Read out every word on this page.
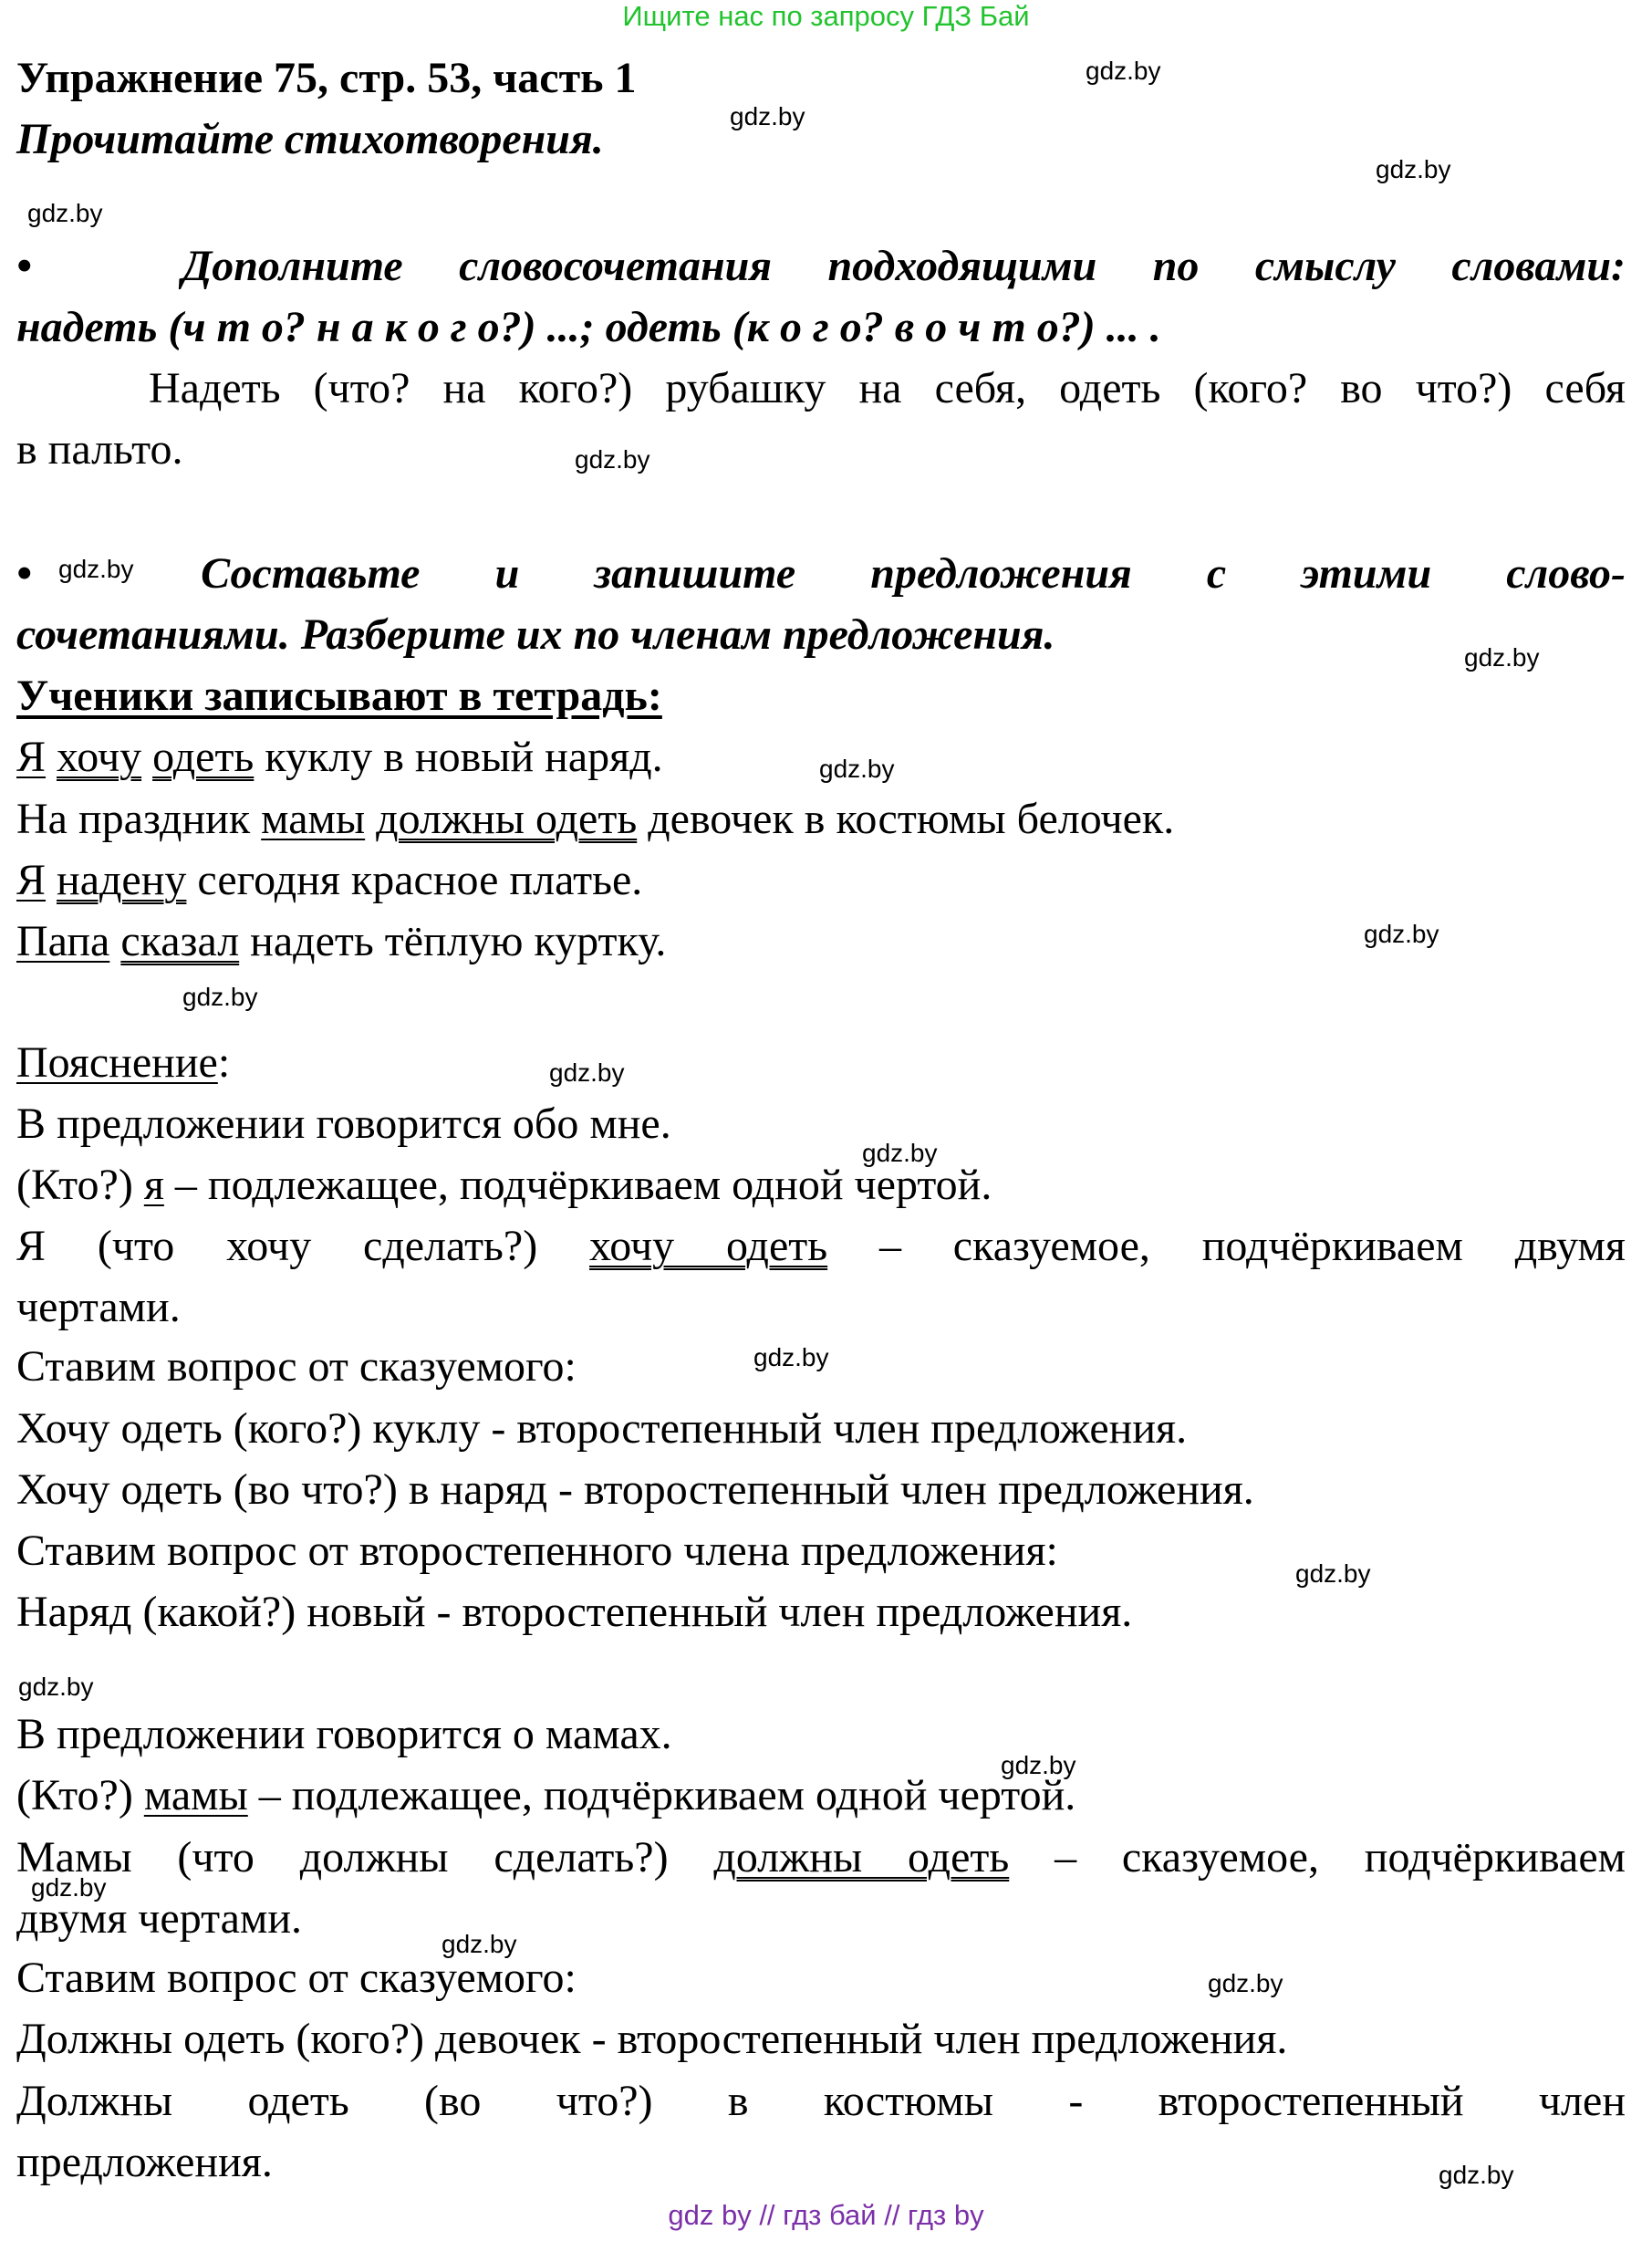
Ищите нас по запросу ГДЗ Бай
Упражнение 75, стр. 53, часть 1
Прочитайте стихотворения.
•	Дополните словосочетания подходящими по смыслу словами:
надеть (ч т о? н а к о г о?) ...; одеть (к о г о? в о ч т о?) ... .
Надеть (что? на кого?) рубашку на себя, одеть (кого? во что?) себя
в пальто.
•	Составьте и запишите предложения с этими слово-
сочетаниями. Разберите их по членам предложения.
Ученики записывают в тетрадь:
Я хочу одеть куклу в новый наряд.
На праздник мамы должны одеть девочек в костюмы белочек.
Я надену сегодня красное платье.
Папа сказал надеть тёплую куртку.
Пояснение:
В предложении говорится обо мне.
(Кто?) я – подлежащее, подчёркиваем одной чертой.
Я (что хочу сделать?) хочу одеть – сказуемое, подчёркиваем двумя
чертами.
Ставим вопрос от сказуемого:
Хочу одеть (кого?) куклу - второстепенный член предложения.
Хочу одеть (во что?) в наряд - второстепенный член предложения.
Ставим вопрос от второстепенного члена предложения:
Наряд (какой?) новый - второстепенный член предложения.
В предложении говорится о мамах.
(Кто?) мамы – подлежащее, подчёркиваем одной чертой.
Мамы (что должны сделать?) должны одеть – сказуемое, подчёркиваем
двумя чертами.
Ставим вопрос от сказуемого:
Должны одеть (кого?) девочек - второстепенный член предложения.
Должны одеть (во что?) в костюмы - второстепенный член
предложения.
gdz.by
gdz.by
gdz.by
gdz.by
gdz.by
gdz.by
gdz.by
gdz.by
gdz.by
gdz.by
gdz.by
gdz.by
gdz.by
gdz.by
gdz.by
gdz.by
gdz.by
gdz.by
gdz.by
gdz.by
gdz by // гдз бай // гдз by
